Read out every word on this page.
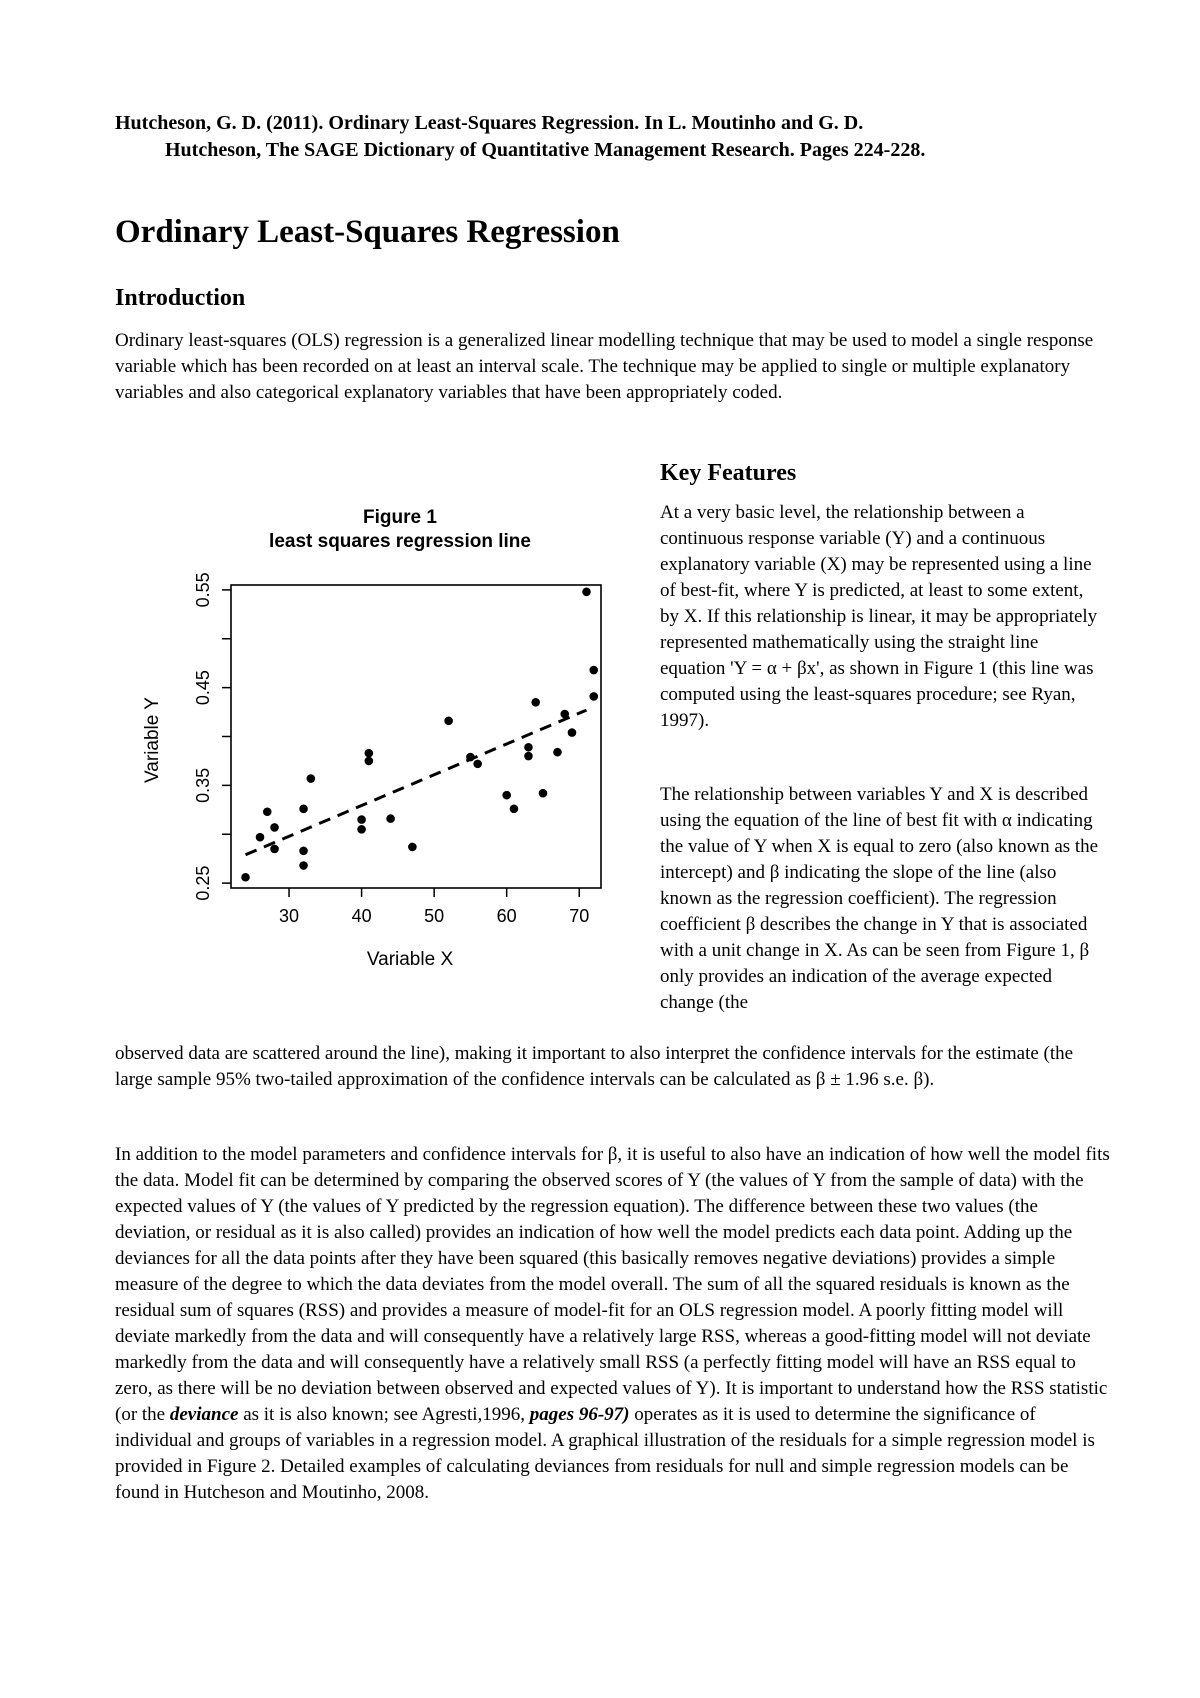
Hutcheson, G. D. (2011). Ordinary Least-Squares Regression. In L. Moutinho and G. D.
Hutcheson, The SAGE Dictionary of Quantitative Management Research. Pages 224-228.
Ordinary Least-Squares Regression
Introduction

Ordinary least-squares (OLS) regression is a generalized linear modelling technique that may be used to model a single response variable which has been recorded on at least an interval scale. The technique may be applied to single or multiple explanatory variables and also categorical explanatory variables that have been appropriately coded.

Figure 1
least squares regression line
30	40	50	60	70
0.25
0.35
0.45
0.55
Variable X
Variable Y
Key Features

At a very basic level, the relationship between a continuous response variable (Y) and a continuous explanatory variable (X) may be represented using a line of best-fit, where Y is predicted, at least to some extent, by X. If this relationship is linear, it may be appropriately represented mathematically using the straight line equation 'Y = α + βx', as shown in Figure 1 (this line was computed using the least-squares procedure; see Ryan, 1997).

The relationship between variables Y and X is described using the equation of the line of best fit with α indicating the value of Y when X is equal to zero (also known as the intercept) and β indicating the slope of the line (also known as the regression coefficient). The regression coefficient β describes the change in Y that is associated with a unit change in X. As can be seen from Figure 1, β only provides an indication of the average expected change (the

observed data are scattered around the line), making it important to also interpret the confidence intervals for the estimate (the large sample 95% two-tailed approximation of the confidence intervals can be calculated as β ± 1.96 s.e. β).

In addition to the model parameters and confidence intervals for β, it is useful to also have an indication of how well the model fits the data. Model fit can be determined by comparing the observed scores of Y (the values of Y from the sample of data) with the expected values of Y (the values of Y predicted by the regression equation). The difference between these two values (the deviation, or residual as it is also called) provides an indication of how well the model predicts each data point. Adding up the deviances for all the data points after they have been squared (this basically removes negative deviations) provides a simple measure of the degree to which the data deviates from the model overall. The sum of all the squared residuals is known as the residual sum of squares (RSS) and provides a measure of model-fit for an OLS regression model. A poorly fitting model will deviate markedly from the data and will consequently have a relatively large RSS, whereas a good-fitting model will not deviate markedly from the data and will consequently have a relatively small RSS (a perfectly fitting model will have an RSS equal to zero, as there will be no deviation between observed and expected values of Y). It is important to understand how the RSS statistic (or the deviance as it is also known; see Agresti,1996, pages 96-97) operates as it is used to determine the significance of individual and groups of variables in a regression model. A graphical illustration of the residuals for a simple regression model is provided in Figure 2. Detailed examples of calculating deviances from residuals for null and simple regression models can be found in Hutcheson and Moutinho, 2008.
